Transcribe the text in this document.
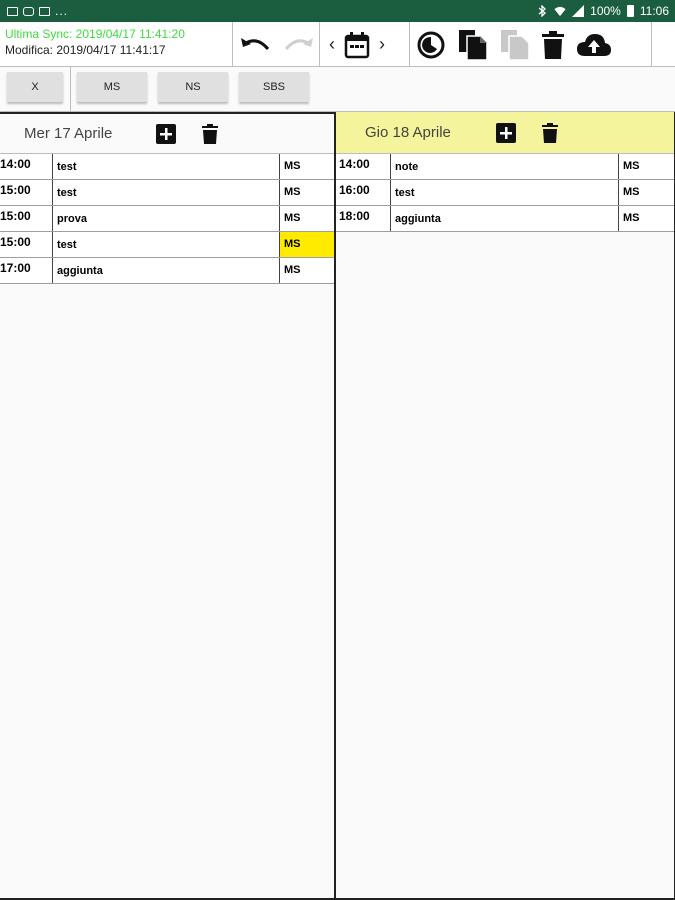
...	100% 11:06
Ultima Sync: 2019/04/17 11:41:20
Modifica: 2019/04/17 11:41:17	‹ ›
X	MS	NS	SBS
Mer 17 Aprile
14:00	test	MS
15:00	test	MS
15:00	prova	MS
15:00	test	MS
17:00	aggiunta	MS
Gio 18 Aprile
14:00	note	MS
16:00	test	MS
18:00	aggiunta	MS
